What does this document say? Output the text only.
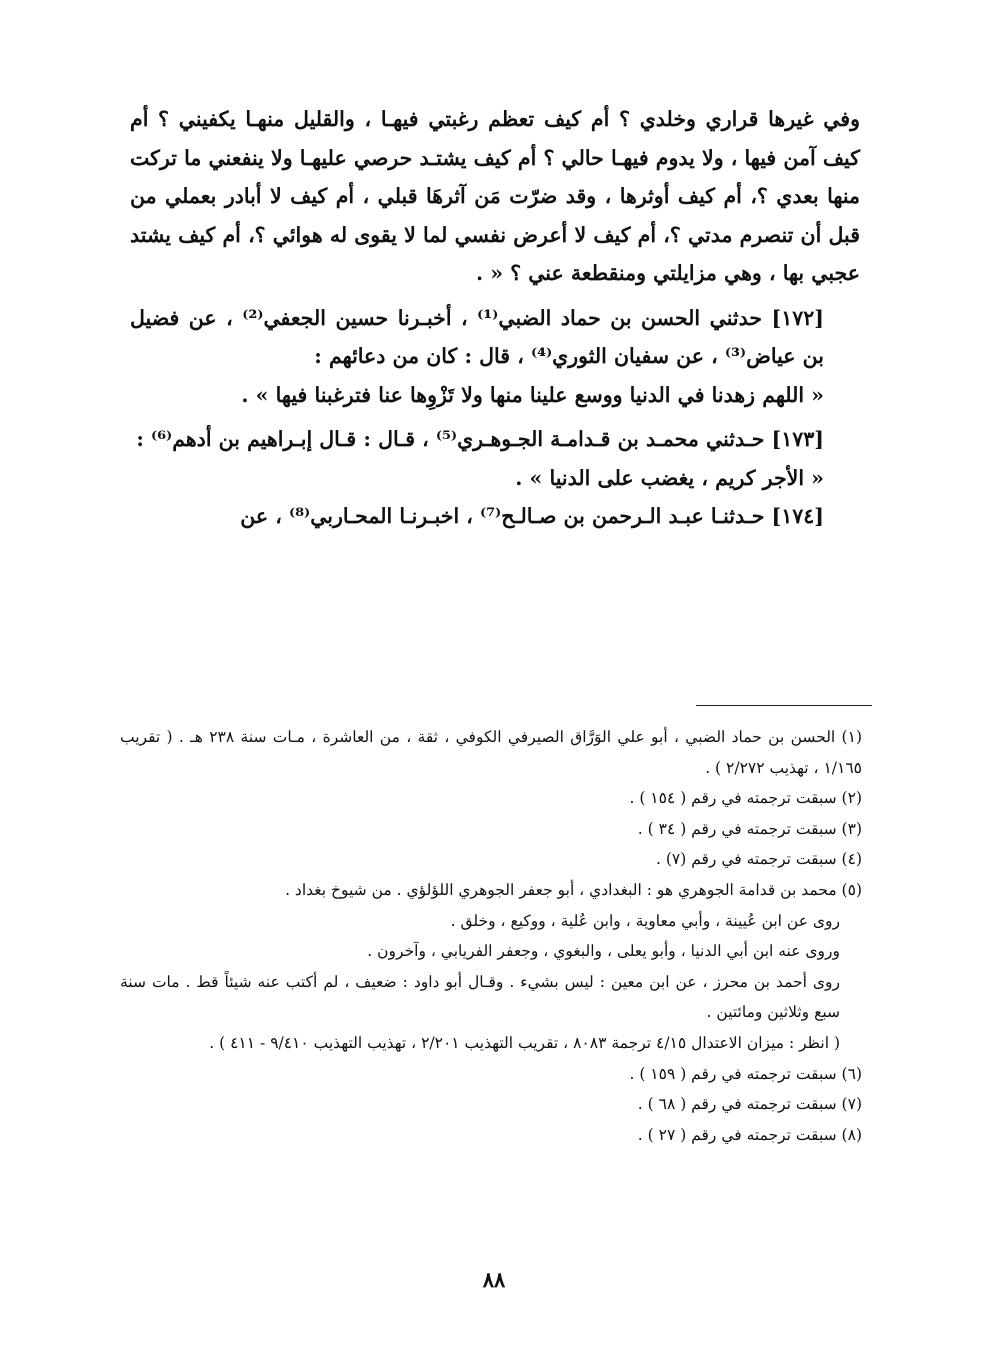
وفي غيرها قراري وخلدي ؟ أم كيف تعظم رغبتي فيهـا ، والقليل منهـا يكفيني ؟ أم كيف آمن فيها ، ولا يدوم فيهـا حالي ؟ أم كيف يشتـد حرصي عليهـا ولا ينفعني ما تركت منها بعدي ؟، أم كيف أوثرها ، وقد ضرّت مَن آثرهَا قبلي ، أم كيف لا أبادر بعملي من قبل أن تنصرم مدتي ؟، أم كيف لا أعرض نفسي لما لا يقوى له هوائي ؟، أم كيف يشتد عجبي بها ، وهي مزايلتي ومنقطعة عني ؟ « .

[١٧٢] حدثني الحسن بن حماد الضبي⁽¹⁾ ، أخبـرنا حسين الجعفي⁽²⁾ ، عن فضيل بن عياض⁽³⁾ ، عن سفيان الثوري⁽⁴⁾ ، قال : كان من دعائهم :

« اللهم زهدنا في الدنيا ووسع علينا منها ولا تَزْوِها عنا فترغبنا فيها » .

[١٧٣] حـدثني محمـد بن قـدامـة الجـوهـري⁽⁵⁾ ، قـال : قـال إبـراهيم بن أدهم⁽⁶⁾ :

« الأجر كريم ، يغضب على الدنيا » .

[١٧٤] حـدثنـا عبـد الـرحمن بن صـالـح⁽⁷⁾ ، اخبـرنـا المحـاربي⁽⁸⁾ ، عن

(١) الحسن بن حماد الضبي ، أبو علي الوَرَّاق الصيرفي الكوفي ، ثقة ، من العاشرة ، مـات سنة ٢٣٨ هـ . ( تقريب ١/١٦٥ ، تهذيب ٢/٢٧٢ ) .

(٢) سبقت ترجمته في رقم ( ١٥٤ ) .

(٣) سبقت ترجمته في رقم ( ٣٤ ) .

(٤) سبقت ترجمته في رقم (٧) .

(٥) محمد بن قدامة الجوهري هو : البغدادي ، أبو جعفر الجوهري اللؤلؤي . من شيوخ بغداد .

روى عن ابن عُيينة ، وأبي معاوية ، وابن عُلية ، ووكيع ، وخلق .

وروى عنه ابن أبي الدنيا ، وأبو يعلى ، والبغوي ، وجعفر الفريابي ، وآخرون .

روى أحمد بن محرز ، عن ابن معين : ليس بشيء . وقـال أبو داود : ضعيف ، لم أكتب عنه شيئاً قط . مات سنة سبع وثلاثين ومائتين .

( انظر : ميزان الاعتدال ٤/١٥ ترجمة ٨٠٨٣ ، تقريب التهذيب ٢/٢٠١ ، تهذيب التهذيب ٩/٤١٠ - ٤١١ ) .

(٦) سبقت ترجمته في رقم ( ١٥٩ ) .

(٧) سبقت ترجمته في رقم ( ٦٨ ) .

(٨) سبقت ترجمته في رقم ( ٢٧ ) .

٨٨
